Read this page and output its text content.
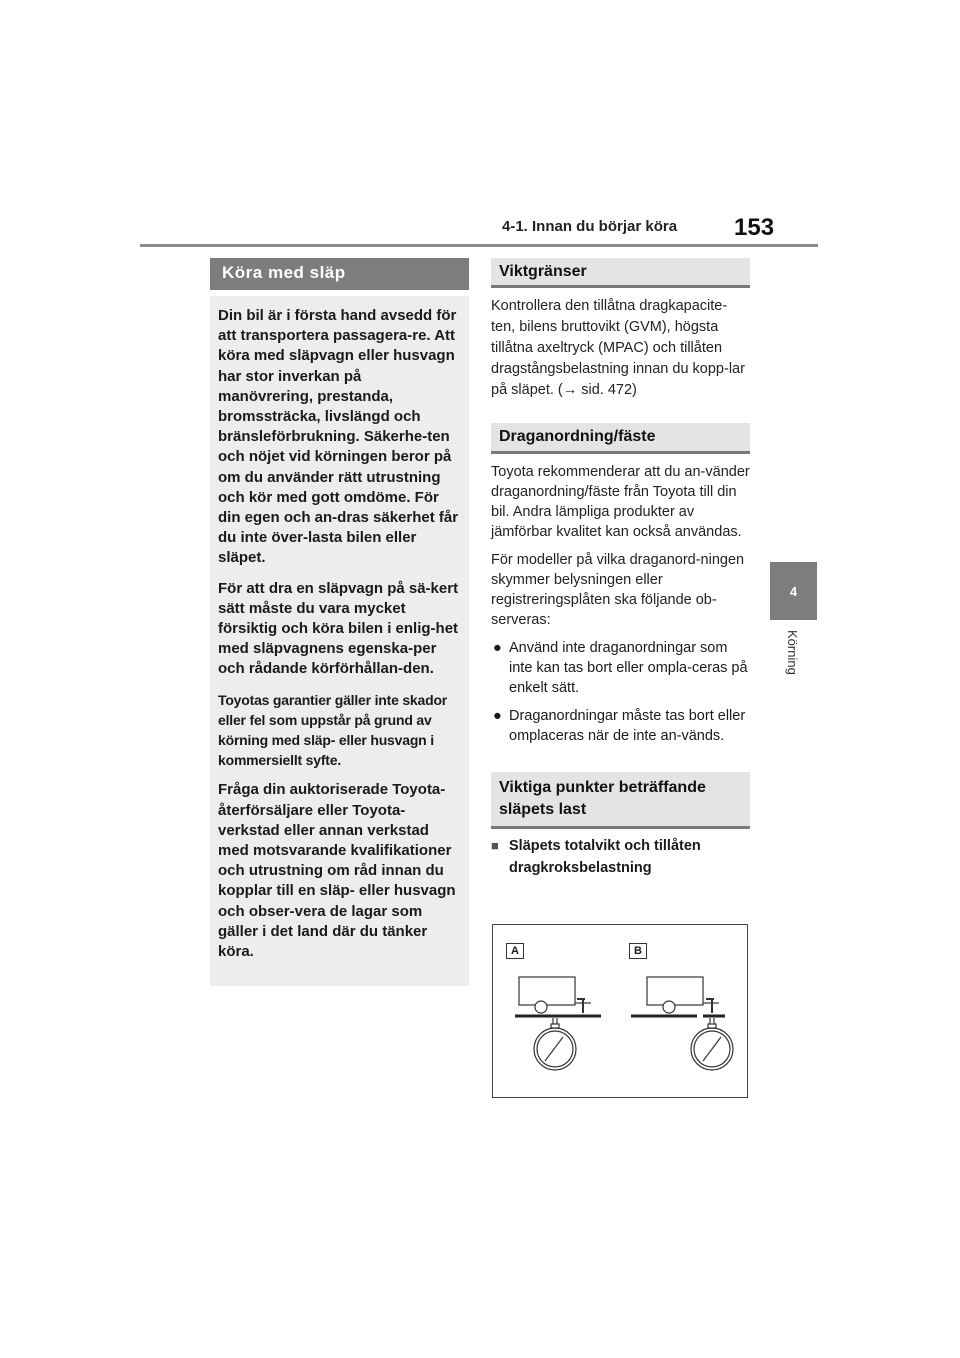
4-1. Innan du börjar köra 153
4
Körning
Köra med släp

Din bil är i första hand avsedd för att transportera passagera-re. Att köra med släpvagn eller husvagn har stor inverkan på manövrering, prestanda, bromssträcka, livslängd och bränsleförbrukning. Säkerhe-ten och nöjet vid körningen beror på om du använder rätt utrustning och kör med gott omdöme. För din egen och an-dras säkerhet får du inte över-lasta bilen eller släpet.

För att dra en släpvagn på sä-kert sätt måste du vara mycket försiktig och köra bilen i enlig-het med släpvagnens egenska-per och rådande körförhållan-den.

Toyotas garantier gäller inte skador eller fel som uppstår på grund av körning med släp- eller husvagn i kommersiellt syfte.

Fråga din auktoriserade Toyota-återförsäljare eller Toyota-verkstad eller annan verkstad med motsvarande kvalifikationer och utrustning om råd innan du kopplar till en släp- eller husvagn och obser-vera de lagar som gäller i det land där du tänker köra.

Viktgränser

Kontrollera den tillåtna dragkapacite-ten, bilens bruttovikt (GVM), högsta tillåtna axeltryck (MPAC) och tillåten dragstångsbelastning innan du kopp-lar på släpet. (→ sid. 472)

Draganordning/fäste

Toyota rekommenderar att du an-vänder draganordning/fäste från Toyota till din bil. Andra lämpliga produkter av jämförbar kvalitet kan också användas.

För modeller på vilka draganord-ningen skymmer belysningen eller registreringsplåten ska följande ob-serveras:

● Använd inte draganordningar som inte kan tas bort eller ompla-ceras på enkelt sätt.
● Draganordningar måste tas bort eller omplaceras när de inte an-vänds.
Viktiga punkter beträffande släpets last
■ Släpets totalvikt och tillåten dragkroksbelastning
A	B
